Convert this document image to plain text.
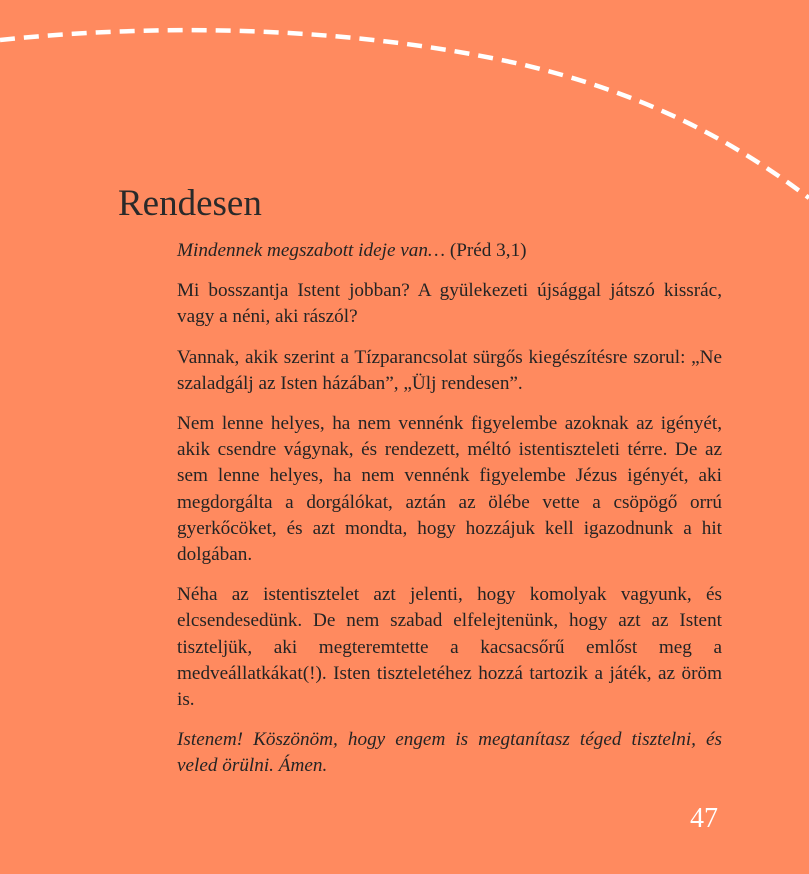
Rendesen

Mindennek megszabott ideje van… (Préd 3,1)

Mi bosszantja Istent jobban? A gyülekezeti újsággal játszó kissrác, vagy a néni, aki rászól?

Vannak, akik szerint a Tízparancsolat sürgős kiegészítésre szorul: „Ne szaladgálj az Isten házában”, „Ülj rendesen”.

Nem lenne helyes, ha nem vennénk figyelembe azoknak az igényét, akik csendre vágynak, és rendezett, méltó istentiszteleti térre. De az sem lenne helyes, ha nem vennénk figyelembe Jézus igényét, aki megdorgálta a dorgálókat, aztán az ölébe vette a csöpögő orrú gyerkőcöket, és azt mondta, hogy hozzájuk kell igazodnunk a hit dolgában.

Néha az istentisztelet azt jelenti, hogy komolyak vagyunk, és elcsendesedünk. De nem szabad elfelejtenünk, hogy azt az Istent tiszteljük, aki megteremtette a kacsacsőrű emlőst meg a medveállatkákat(!). Isten tiszteletéhez hozzá tartozik a játék, az öröm is.

Istenem! Köszönöm, hogy engem is megtanítasz téged tisztelni, és veled örülni. Ámen.

47
